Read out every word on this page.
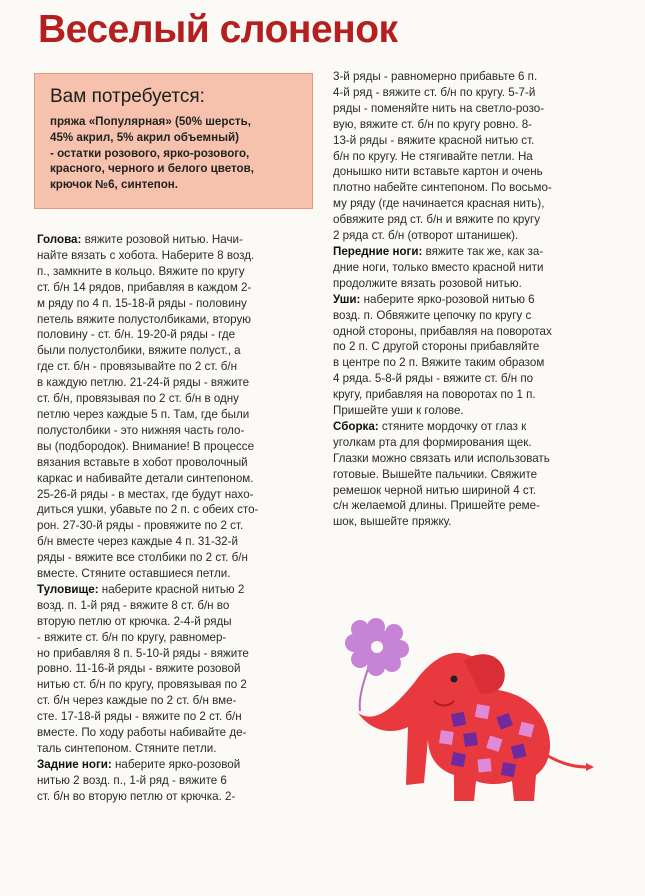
Веселый слоненок
Вам потребуется:

пряжа «Популярная» (50% шерсть,
45% акрил, 5% акрил объемный)
- остатки розового, ярко-розового,
красного, черного и белого цветов,
крючок №6, синтепон.

Голова: вяжите розовой нитью. Начи-

найте вязать с хобота. Наберите 8 возд.

п., замкните в кольцо. Вяжите по кругу

ст. б/н 14 рядов, прибавляя в каждом 2-

м ряду по 4 п. 15-18-й ряды - половину

петель вяжите полустолбиками, вторую

половину - ст. б/н. 19-20-й ряды - где

были полустолбики, вяжите полуст., а

где ст. б/н - провязывайте по 2 ст. б/н

в каждую петлю. 21-24-й ряды - вяжите

ст. б/н, провязывая по 2 ст. б/н в одну

петлю через каждые 5 п. Там, где были

полустолбики - это нижняя часть голо-

вы (подбородок). Внимание! В процессе

вязания вставьте в хобот проволочный

каркас и набивайте детали синтепоном.

25-26-й ряды - в местах, где будут нахо-

диться ушки, убавьте по 2 п. с обеих сто-

рон. 27-30-й ряды - провяжите по 2 ст.

б/н вместе через каждые 4 п. 31-32-й

ряды - вяжите все столбики по 2 ст. б/н

вместе. Стяните оставшиеся петли.

Туловище: наберите красной нитью 2

возд. п. 1-й ряд - вяжите 8 ст. б/н во

вторую петлю от крючка. 2-4-й ряды

- вяжите ст. б/н по кругу, равномер-

но прибавляя 8 п. 5-10-й ряды - вяжите

ровно. 11-16-й ряды - вяжите розовой

нитью ст. б/н по кругу, провязывая по 2

ст. б/н через каждые по 2 ст. б/н вме-

сте. 17-18-й ряды - вяжите по 2 ст. б/н

вместе. По ходу работы набивайте де-

таль синтепоном. Стяните петли.

Задние ноги: наберите ярко-розовой

нитью 2 возд. п., 1-й ряд - вяжите 6

ст. б/н во вторую петлю от крючка. 2-

3-й ряды - равномерно прибавьте 6 п.

4-й ряд - вяжите ст. б/н по кругу. 5-7-й

ряды - поменяйте нить на светло-розо-

вую, вяжите ст. б/н по кругу ровно. 8-

13-й ряды - вяжите красной нитью ст.

б/н по кругу. Не стягивайте петли. На

донышко нити вставьте картон и очень

плотно набейте синтепоном. По восьмо-

му ряду (где начинается красная нить),

обвяжите ряд ст. б/н и вяжите по кругу

2 ряда ст. б/н (отворот штанишек).

Передние ноги: вяжите так же, как за-

дние ноги, только вместо красной нити

продолжите вязать розовой нитью.

Уши: наберите ярко-розовой нитью 6

возд. п. Обвяжите цепочку по кругу с

одной стороны, прибавляя на поворотах

по 2 п. С другой стороны прибавляйте

в центре по 2 п. Вяжите таким образом

4 ряда. 5-8-й ряды - вяжите ст. б/н по

кругу, прибавляя на поворотах по 1 п.

Пришейте уши к голове.

Сборка: стяните мордочку от глаз к

уголкам рта для формирования щек.

Глазки можно связать или использовать

готовые. Вышейте пальчики. Свяжите

ремешок черной нитью шириной 4 ст.

с/н желаемой длины. Пришейте реме-

шок, вышейте пряжку.
